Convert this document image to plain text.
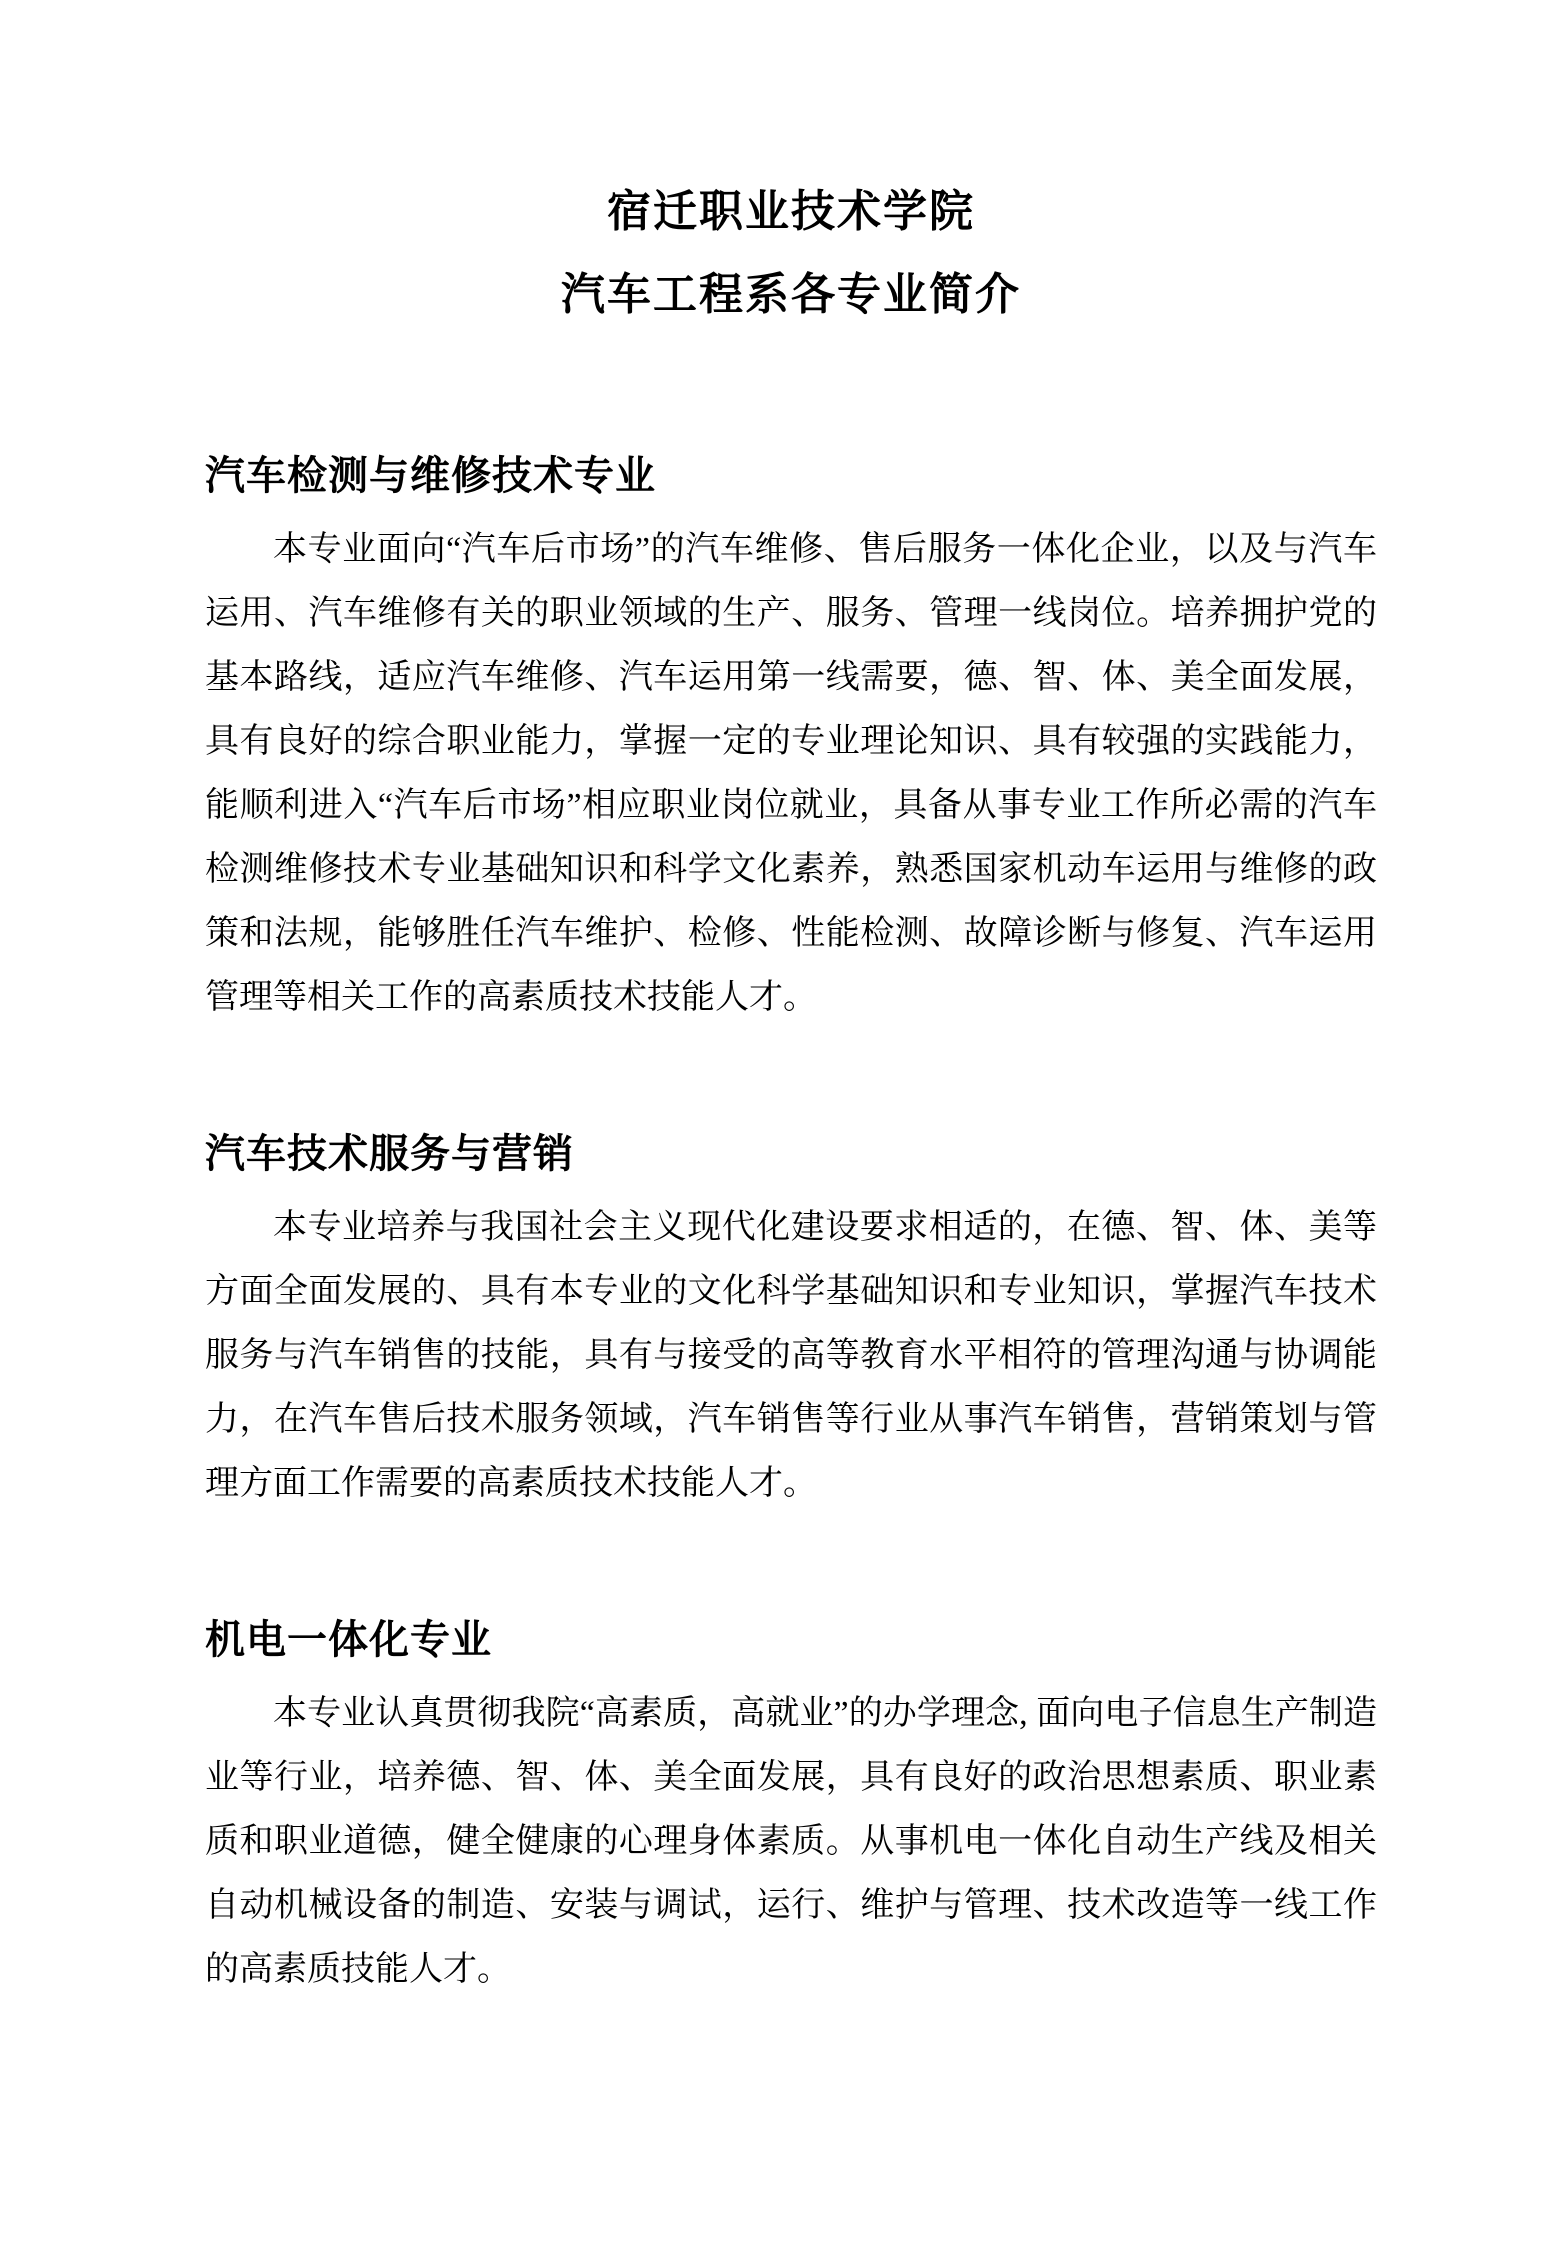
宿迁职业技术学院
汽车工程系各专业简介
汽车检测与维修技术专业

本专业面向“汽车后市场”的汽车维修、售后服务一体化企业，以及与汽车运用、汽车维修有关的职业领域的生产、服务、管理一线岗位。培养拥护党的基本路线，适应汽车维修、汽车运用第一线需要，德、智、体、美全面发展，具有良好的综合职业能力，掌握一定的专业理论知识、具有较强的实践能力，能顺利进入“汽车后市场”相应职业岗位就业，具备从事专业工作所必需的汽车检测维修技术专业基础知识和科学文化素养，熟悉国家机动车运用与维修的政策和法规，能够胜任汽车维护、检修、性能检测、故障诊断与修复、汽车运用管理等相关工作的高素质技术技能人才。

汽车技术服务与营销

本专业培养与我国社会主义现代化建设要求相适的，在德、智、体、美等方面全面发展的、具有本专业的文化科学基础知识和专业知识，掌握汽车技术服务与汽车销售的技能，具有与接受的高等教育水平相符的管理沟通与协调能力，在汽车售后技术服务领域，汽车销售等行业从事汽车销售，营销策划与管理方面工作需要的高素质技术技能人才。

机电一体化专业

本专业认真贯彻我院“高素质，高就业”的办学理念, 面向电子信息生产制造业等行业，培养德、智、体、美全面发展，具有良好的政治思想素质、职业素质和职业道德，健全健康的心理身体素质。从事机电一体化自动生产线及相关自动机械设备的制造、安装与调试，运行、维护与管理、技术改造等一线工作的高素质技能人才。
